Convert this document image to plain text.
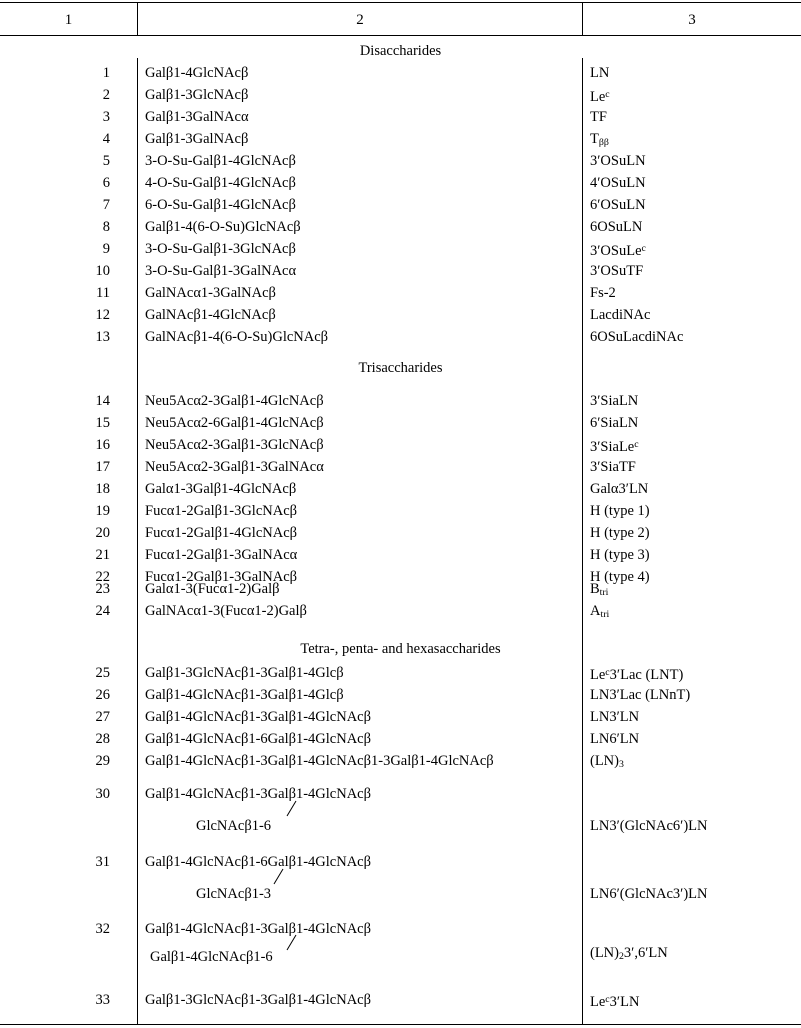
1	2	3
Disaccharides
1 Galβ1-4GlcNAcβ	LN
2 Galβ1-3GlcNAcβ	Le$^c$
3 Galβ1-3GalNAcα	TF
4 Galβ1-3GalNAcβ	$T_{\beta\beta}$
5 3-O-Su-Galβ1-4GlcNAcβ	3′OSuLN
6 4-O-Su-Galβ1-4GlcNAcβ	4′OSuLN
7 6-O-Su-Galβ1-4GlcNAcβ	6′OSuLN
8 Galβ1-4(6-O-Su)GlcNAcβ	6OSuLN
9 3-O-Su-Galβ1-3GlcNAcβ	3′OSuLe$^c$
10 3-O-Su-Galβ1-3GalNAcα	3′OSuTF
11 GalNAcα1-3GalNAcβ	Fs-2
12 GalNAcβ1-4GlcNAcβ	LacdiNAc
13 GalNAcβ1-4(6-O-Su)GlcNAcβ	6OSuLacdiNAc
Trisaccharides
14 Neu5Acα2-3Galβ1-4GlcNAcβ	3′SiaLN
15 Neu5Acα2-6Galβ1-4GlcNAcβ	6′SiaLN
16 Neu5Acα2-3Galβ1-3GlcNAcβ	3′SiaLe$^c$
17 Neu5Acα2-3Galβ1-3GalNAcα	3′SiaTF
18 Galα1-3Galβ1-4GlcNAcβ	Galα3′LN
19 Fucα1-2Galβ1-3GlcNAcβ	H (type 1)
20 Fucα1-2Galβ1-4GlcNAcβ	H (type 2)
21 Fucα1-2Galβ1-3GalNAcα	H (type 3)
22 Fucα1-2Galβ1-3GalNAcβ	H (type 4)
23 Galα1-3(Fucα1-2)Galβ	$B_{tri}$
24 GalNAcα1-3(Fucα1-2)Galβ	$A_{tri}$
Tetra-, penta- and hexasaccharides
25 Galβ1-3GlcNAcβ1-3Galβ1-4Glcβ	Le$^c$3′Lac (LNT)
26 Galβ1-4GlcNAcβ1-3Galβ1-4Glcβ	LN3′Lac (LNnT)
27 Galβ1-4GlcNAcβ1-3Galβ1-4GlcNAcβ	LN3′LN
28 Galβ1-4GlcNAcβ1-6Galβ1-4GlcNAcβ	LN6′LN
29 Galβ1-4GlcNAcβ1-3Galβ1-4GlcNAcβ1-3Galβ1-4GlcNAcβ	$(LN)_3$
30 Galβ1-4GlcNAcβ1-3Galβ1-4GlcNAcβ
GlcNAcβ1-6	LN3′(GlcNAc6′)LN
31 Galβ1-4GlcNAcβ1-6Galβ1-4GlcNAcβ
GlcNAcβ1-3	LN6′(GlcNAc3′)LN
32 Galβ1-4GlcNAcβ1-3Galβ1-4GlcNAcβ
Galβ1-4GlcNAcβ1-6	$(LN)_23',6'LN$
33 Galβ1-3GlcNAcβ1-3Galβ1-4GlcNAcβ	Le$^c$3′LN
